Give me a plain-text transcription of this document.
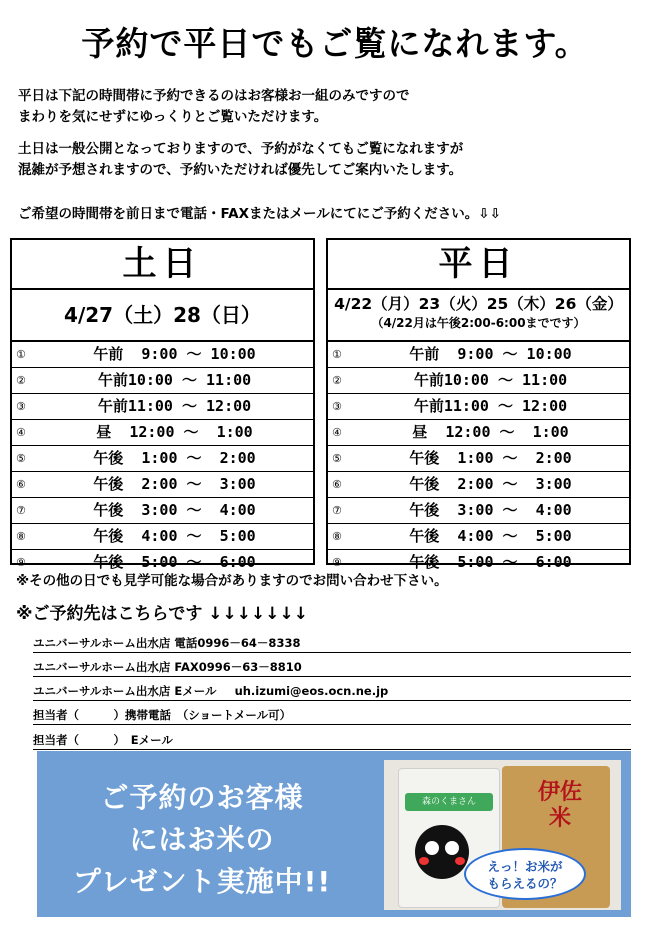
予約で平日でもご覧になれます。
平日は下記の時間帯に予約できるのはお客様お一組のみですので
まわりを気にせずにゆっくりとご覧いただけます。
土日は一般公開となっておりますので、予約がなくてもご覧になれますが
混雑が予想されますので、予約いただければ優先してご案内いたします。
ご希望の時間帯を前日まで電話・FAXまたはメールにてにご予約ください。⇩⇩
土日
4/27（土）28（日）
①	午前  9:00 ～ 10:00
②	午前10:00 ～ 11:00
③	午前11:00 ～ 12:00
④	昼  12:00 ～  1:00
⑤	午後  1:00 ～  2:00
⑥	午後  2:00 ～  3:00
⑦	午後  3:00 ～  4:00
⑧	午後  4:00 ～  5:00
⑨	午後  5:00 ～  6:00
平日
4/22（月）23（火）25（木）26（金）
（4/22月は午後2:00-6:00までです）
①	午前  9:00 ～ 10:00
②	午前10:00 ～ 11:00
③	午前11:00 ～ 12:00
④	昼  12:00 ～  1:00
⑤	午後  1:00 ～  2:00
⑥	午後  2:00 ～  3:00
⑦	午後  3:00 ～  4:00
⑧	午後  4:00 ～  5:00
⑨	午後  5:00 ～  6:00
※その他の日でも見学可能な場合がありますのでお問い合わせ下さい。
※ご予約先はこちらです ↓↓↓↓↓↓↓
ユニバーサルホーム出水店 電話0996－64－8338
ユニバーサルホーム出水店 FAX0996－63－8810
ユニバーサルホーム出水店 Eメール uh.izumi@eos.ocn.ne.jp
担当者（　　　）携帯電話　（ショートメール可）
担当者（　　　）　Eメール
ご予約のお客様
にはお米の
プレゼント実施中!!
森のくまさん	伊佐米
えっ！お米が
もらえるの？
